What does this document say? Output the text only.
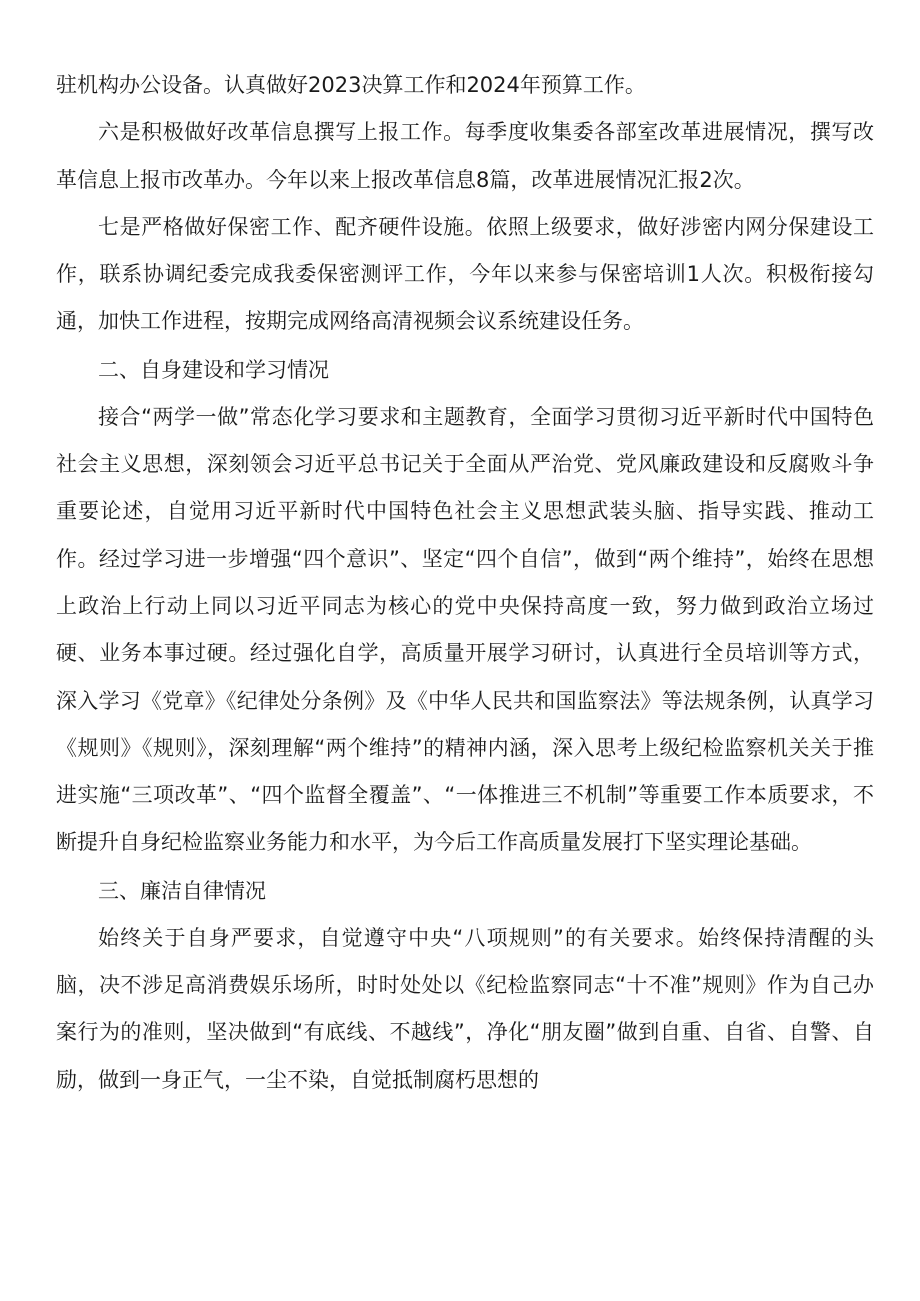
驻机构办公设备。认真做好2023决算工作和2024年预算工作。

六是积极做好改革信息撰写上报工作。每季度收集委各部室改革进展情况，撰写改革信息上报市改革办。今年以来上报改革信息8篇，改革进展情况汇报2次。

七是严格做好保密工作、配齐硬件设施。依照上级要求，做好涉密内网分保建设工作，联系协调纪委完成我委保密测评工作，今年以来参与保密培训1人次。积极衔接勾通，加快工作进程，按期完成网络高清视频会议系统建设任务。

二、自身建设和学习情况

接合“两学一做”常态化学习要求和主题教育，全面学习贯彻习近平新时代中国特色社会主义思想，深刻领会习近平总书记关于全面从严治党、党风廉政建设和反腐败斗争重要论述，自觉用习近平新时代中国特色社会主义思想武装头脑、指导实践、推动工作。经过学习进一步增强“四个意识”、坚定“四个自信”，做到“两个维持”，始终在思想上政治上行动上同以习近平同志为核心的党中央保持高度一致，努力做到政治立场过硬、业务本事过硬。经过强化自学，高质量开展学习研讨，认真进行全员培训等方式，深入学习《党章》《纪律处分条例》及《中华人民共和国监察法》等法规条例，认真学习《规则》《规则》，深刻理解“两个维持”的精神内涵，深入思考上级纪检监察机关关于推进实施“三项改革”、“四个监督全覆盖”、“一体推进三不机制”等重要工作本质要求，不断提升自身纪检监察业务能力和水平，为今后工作高质量发展打下坚实理论基础。

三、廉洁自律情况

始终关于自身严要求，自觉遵守中央“八项规则”的有关要求。始终保持清醒的头脑，决不涉足高消费娱乐场所，时时处处以《纪检监察同志“十不准”规则》作为自己办案行为的准则，坚决做到“有底线、不越线”，净化“朋友圈”做到自重、自省、自警、自励，做到一身正气，一尘不染，自觉抵制腐朽思想的
